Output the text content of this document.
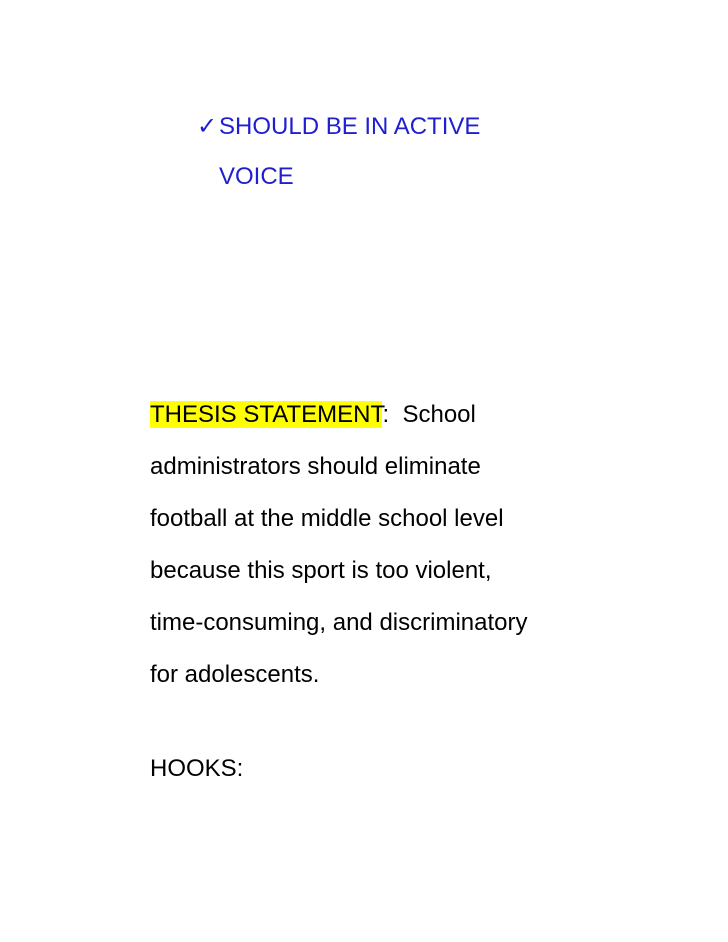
✓SHOULD BE IN ACTIVE
VOICE
THESIS STATEMENT:  School
administrators should eliminate
football at the middle school level
because this sport is too violent,
time-consuming, and discriminatory
for adolescents.
HOOKS:
